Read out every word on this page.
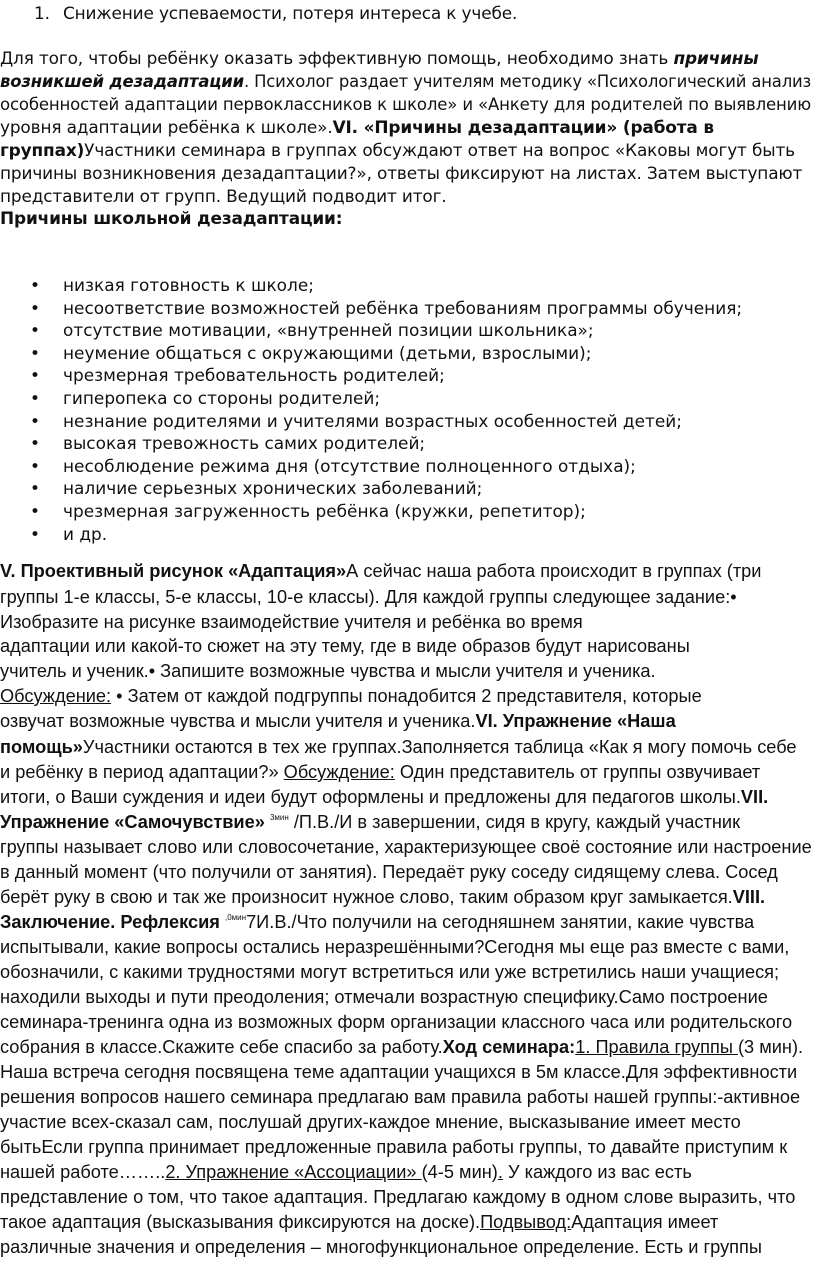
1. Снижение успеваемости, потеря интереса к учебе.
Для того, чтобы ребёнку оказать эффективную помощь, необходимо знать причины
возникшей дезадаптации. Психолог раздает учителям методику «Психологический анализ
особенностей адаптации первоклассников к школе» и «Анкету для родителей по выявлению
уровня адаптации ребёнка к школе».VI. «Причины дезадаптации» (работа в
группах)Участники семинара в группах обсуждают ответ на вопрос «Каковы могут быть
причины возникновения дезадаптации?», ответы фиксируют на листах. Затем выступают
представители от групп. Ведущий подводит итог.
Причины школьной дезадаптации:
• низкая готовность к школе;
• несоответствие возможностей ребёнка требованиям программы обучения;
• отсутствие мотивации, «внутренней позиции школьника»;
• неумение общаться с окружающими (детьми, взрослыми);
• чрезмерная требовательность родителей;
• гиперопека со стороны родителей;
• незнание родителями и учителями возрастных особенностей детей;
• высокая тревожность самих родителей;
• несоблюдение режима дня (отсутствие полноценного отдыха);
• наличие серьезных хронических заболеваний;
• чрезмерная загруженность ребёнка (кружки, репетитор);
• и др.
V. Проективный рисунок «Адаптация»А сейчас наша работа происходит в группах (три
группы 1-е классы, 5-е классы, 10-е классы). Для каждой группы следующее задание:•
Изобразите на рисунке взаимодействие учителя и ребёнка во время
адаптации или какой-то сюжет на эту тему, где в виде образов будут нарисованы
учитель и ученик.• Запишите возможные чувства и мысли учителя и ученика.
Обсуждение: • Затем от каждой подгруппы понадобится 2 представителя, которые
озвучат возможные чувства и мысли учителя и ученика.VI. Упражнение «Наша
помощь»Участники остаются в тех же группах.Заполняется таблица «Как я могу помочь себе
и ребёнку в период адаптации?» Обсуждение: Один представитель от группы озвучивает
итоги, о Ваши суждения и идеи будут оформлены и предложены для педагогов школы.VII.
Упражнение «Самочувствие» $^{3мин}$ /П.В./И в завершении, сидя в кругу, каждый участник
группы называет слово или словосочетание, характеризующее своё состояние или настроение
в данный момент (что получили от занятия). Передаёт руку соседу сидящему слева. Сосед
берёт руку в свою и так же произносит нужное слово, таким образом круг замыкается.VIII.
Заключение. Рефлексия $^{,0мин}$7И.В./Что получили на сегодняшнем занятии, какие чувства
испытывали, какие вопросы остались неразрешёнными?Сегодня мы еще раз вместе с вами,
обозначили, с какими трудностями могут встретиться или уже встретились наши учащиеся;
находили выходы и пути преодоления; отмечали возрастную специфику.Само построение
семинара-тренинга одна из возможных форм организации классного часа или родительского
собрания в классе.Скажите себе спасибо за работу.Ход семинара:1. Правила группы (3 мин).
Наша встреча сегодня посвящена теме адаптации учащихся в 5м классе.Для эффективности
решения вопросов нашего семинара предлагаю вам правила работы нашей группы:-активное
участие всех-сказал сам, послушай других-каждое мнение, высказывание имеет место
бытьЕсли группа принимает предложенные правила работы группы, то давайте приступим к
нашей работе……..2. Упражнение «Ассоциации» (4-5 мин). У каждого из вас есть
представление о том, что такое адаптация. Предлагаю каждому в одном слове выразить, что
такое адаптация (высказывания фиксируются на доске).Подвывод:Адаптация имеет
различные значения и определения – многофункциональное определение. Есть и группы
